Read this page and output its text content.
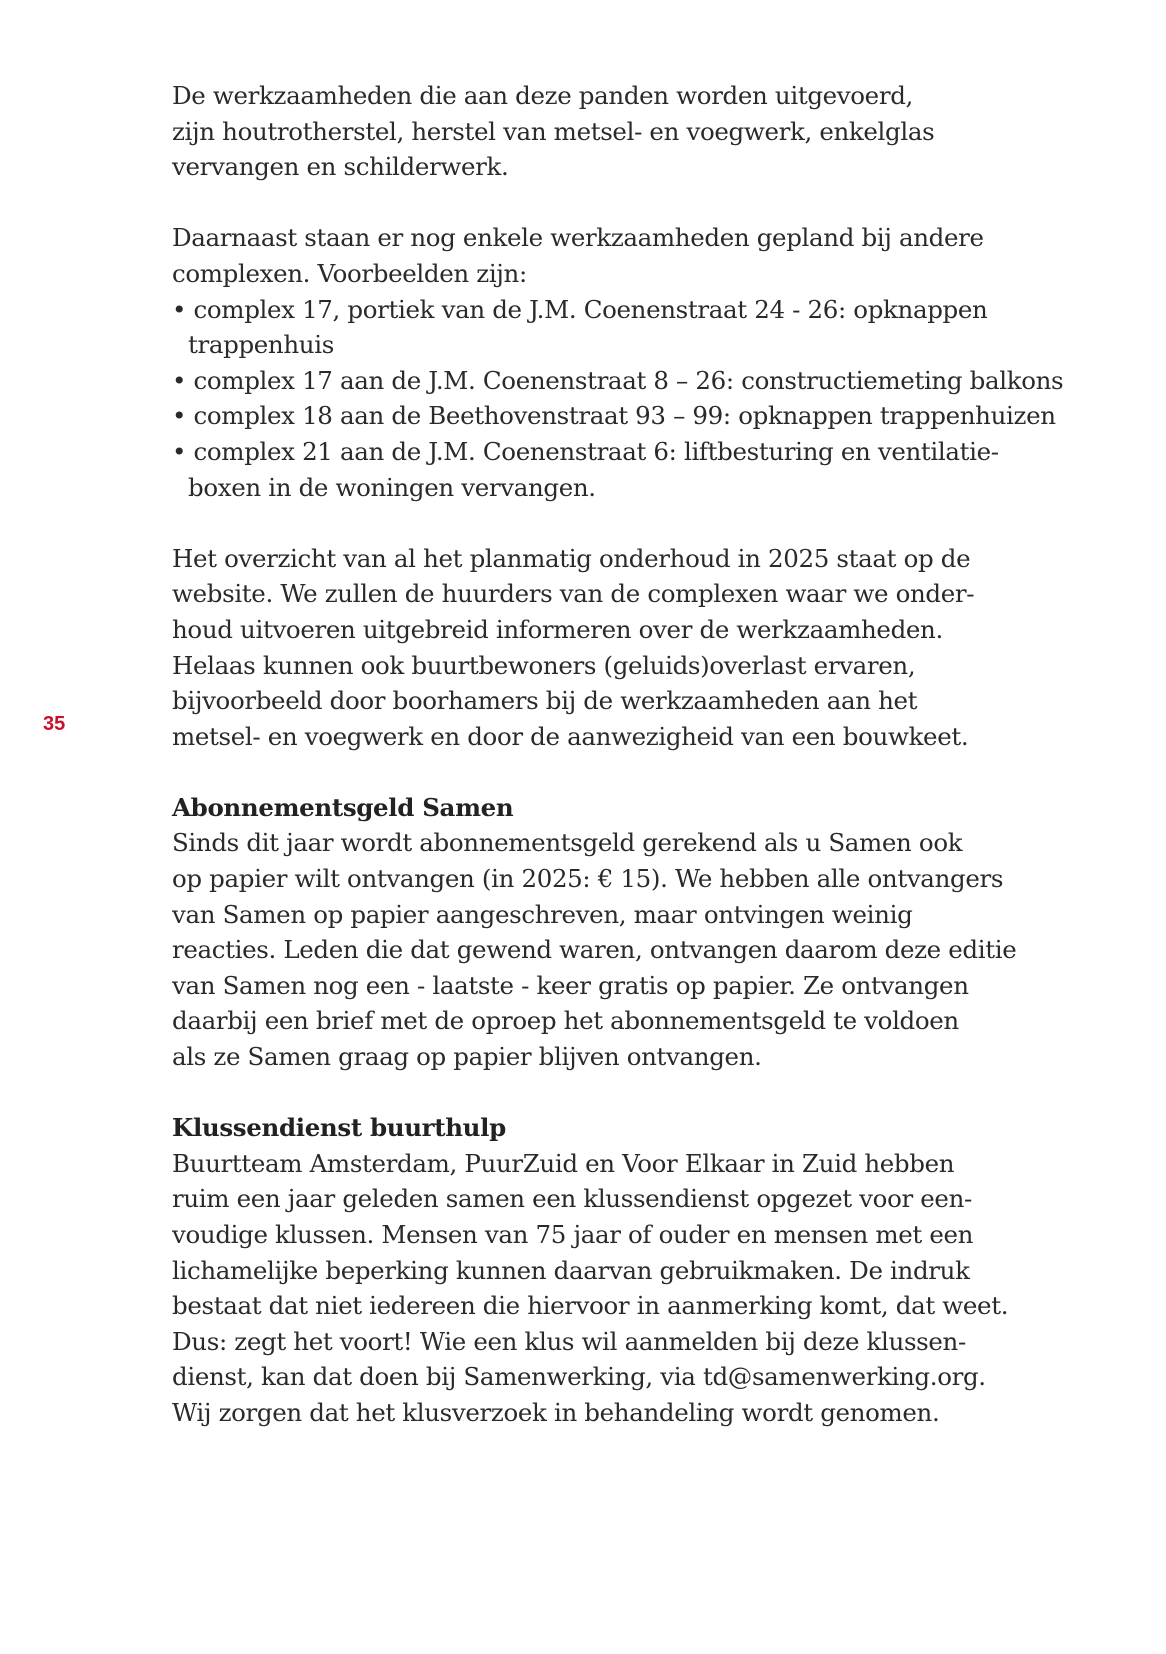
35
De werkzaamheden die aan deze panden worden uitgevoerd,
zijn houtrotherstel, herstel van metsel- en voegwerk, enkelglas
vervangen en schilderwerk.
Daarnaast staan er nog enkele werkzaamheden gepland bij andere
complexen. Voorbeelden zijn:
• complex 17, portiek van de J.M. Coenenstraat 24 - 26: opknappen
trappenhuis
• complex 17 aan de J.M. Coenenstraat 8 – 26: constructiemeting balkons
• complex 18 aan de Beethovenstraat 93 – 99: opknappen trappenhuizen
• complex 21 aan de J.M. Coenenstraat 6: liftbesturing en ventilatie-
boxen in de woningen vervangen.
Het overzicht van al het planmatig onderhoud in 2025 staat op de
website. We zullen de huurders van de complexen waar we onder-
houd uitvoeren uitgebreid informeren over de werkzaamheden.
Helaas kunnen ook buurtbewoners (geluids)overlast ervaren,
bijvoorbeeld door boorhamers bij de werkzaamheden aan het
metsel- en voegwerk en door de aanwezigheid van een bouwkeet.
Abonnementsgeld Samen
Sinds dit jaar wordt abonnementsgeld gerekend als u Samen ook
op papier wilt ontvangen (in 2025: € 15). We hebben alle ontvangers
van Samen op papier aangeschreven, maar ontvingen weinig
reacties. Leden die dat gewend waren, ontvangen daarom deze editie
van Samen nog een - laatste - keer gratis op papier. Ze ontvangen
daarbij een brief met de oproep het abonnementsgeld te voldoen
als ze Samen graag op papier blijven ontvangen.
Klussendienst buurthulp
Buurtteam Amsterdam, PuurZuid en Voor Elkaar in Zuid hebben
ruim een jaar geleden samen een klussendienst opgezet voor een-
voudige klussen. Mensen van 75 jaar of ouder en mensen met een
lichamelijke beperking kunnen daarvan gebruikmaken. De indruk
bestaat dat niet iedereen die hiervoor in aanmerking komt, dat weet.
Dus: zegt het voort! Wie een klus wil aanmelden bij deze klussen-
dienst, kan dat doen bij Samenwerking, via td@samenwerking.org.
Wij zorgen dat het klusverzoek in behandeling wordt genomen.
